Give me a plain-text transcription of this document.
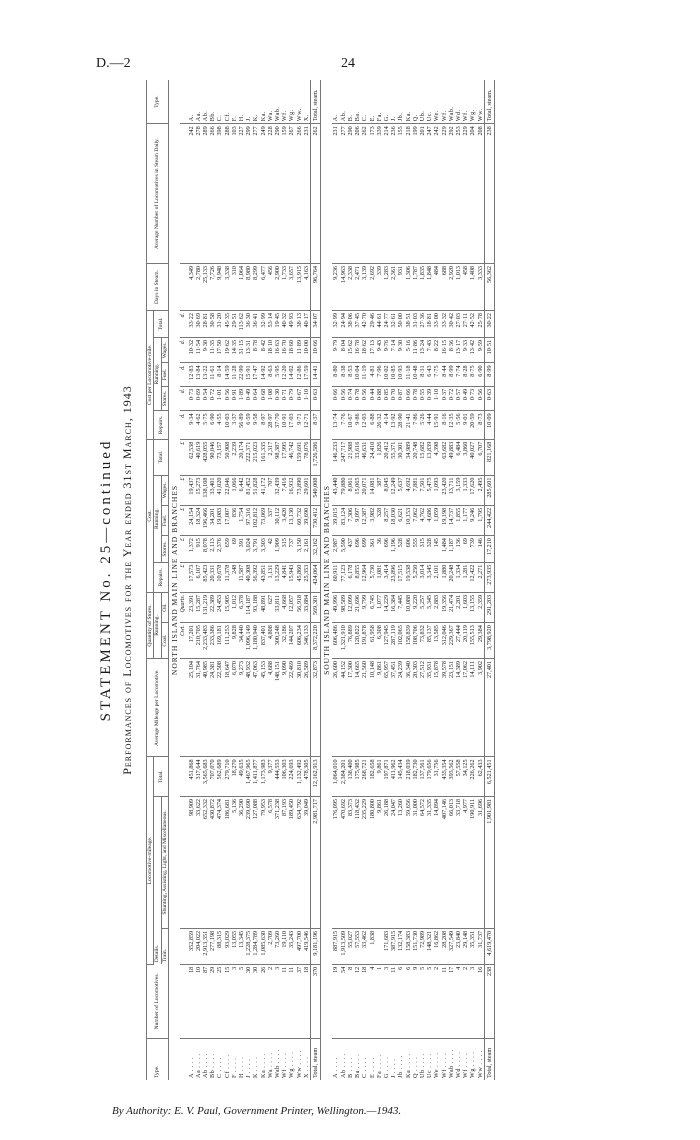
D.—2	24
STATEMENT No. 25—continued Performances of Locomotives for the Year ended 31st March, 1943
Type.	Number of Locomotives.	Locomotive-mileage.			Average Mileage per Locomotive.	Quantity of Stores.		Cost.					Cost per Locomotive-mile.					Days in Steam.	Average Number of Locomotives in Steam Daily.	Type.
		Details.		Total.		Running.		Repairs.	Running.			Total.	Repairs.	Running.			Total.			
		Train.	Shunting, Assisting, Light, and Miscellaneous.			Coal.	Oil.		Stores.	Fuel.	Wages.			Stores.	Fuel.	Wages.				
NORTH ISLAND MAIN LINE AND BRANCHES																				
						Cwt.	Quarts.	£	£	£	£	£	d.	d.	d.	d.	d.			
A . . . .	18	352,859	98,909	451,868	25,104	17,201	23,391	17,573	1,372	24,154	19,437	62,538	9·34	0·73	12·83	10·32	33·22	4,349	242	A.
Aa . . . .	10	204,022	33,622	317,644	31,764	210,705	15,287	6,107	915	18,324	15,273	40,619	4·62	0·69	13·84	11·54	30·69	2,780	278	Aa.
Ab . . . .	87	2,913,351	652,332	3,565,683	40,985	2,233,483	131,219	85,423	8,078	196,466	138,108	428,055	5·75	0·54	13·22	9·30	28·81	25,133	289	Ab.
Bb . . . .	29	277,198	430,872	707,070	24,381	233,386	22,389	20,331	2,113	34,201	33,401	90,046	6·90	0·72	11·61	11·35	30·58	7,726	266	Bb.
C . . . .	25	88,315	474,374	562,689	22,508	169,181	24,453	10,678	2,376	19,083	41,020	73,157	4·55	1·01	8·14	17·50	31·20	9,948	398	C.
Cf . . . .	15	93,029	186,681	279,710	18,647	111,253	15,905	11,378	659	17,007	22,046	50,908	10·03	0·56	14·59	19·62	45·35	3,338	288	Cf.
F . . . .	3	13,055	5,136	18,270	6,070	9,828	1,012	248	69	836	1,066	2,239	3·37	0·91	11·28	14·35	29·51	310	103	F.
H . . . .	5	13,345	36,290	49,635	9,273	34,440	6,378	11,587	391	1,754	6,442	20,174	56·89	1·89	22·99	31·15	113·62	1,064	227	H.
J . . . .	30	1,228,375	239,690	1,467,965	48,932	1,096,149	114,187	40,308	3,024	97,316	81,452	222,371	6·59	0·49	15·91	13·31	36·30	8,980	299	J.
K . . . .	30	1,284,789	127,088	1,411,877	47,063	1,180,940	93,188	56,392	3,791	102,812	51,828	215,023	9·58	0·64	17·47	8·78	36·41	8,299	277	K.
Ka . . . .	26	1,085,630	79,953	1,173,983	45,153	837,401	48,891	43,851	3,303	73,069	41,172	161,335	8·97	0·68	14·92	8·42	32·99	6,477	249	Ka.
Wa . . . .	2	2,709	6,578	9,377	4,688	4,808	627	1,131	42	337	707	2,317	28·97	1·08	8·63	18·10	53·14	456	228	Wa.
Wab . . . .	3	73,260	371,238	444,553	148,151	300,248	33,811	13,229	1,909	30,112	32,439	98,387	37·70	0·30	5·95	16·63	19·45	2,900	290	Wab.
Wf . . . .	11	19,110	87,193	106,303	9,090	32,186	4,668	4,841	315	3,420	7,416	17,995	10·91	0·71	12·20	16·70	40·32	1,733	159	Wf.
Wg . . . .	11	35,243	189,450	224,693	22,469	144,207	12,057	15,943	737	13,130	16,932	46,742	17·03	0·79	14·02	18·60	49·93	3,657	267	Wg.
Ww . . . .	37	497,700	634,792	1,132,492	30,810	606,234	56,918	45,860	3,150	60,732	73,890	159,691	9·71	0·67	12·86	11·89	38·13	13,915	266	Ww.
X . . . .	18	419,546	39,049	478,305	26,589	346,133	33,884	25,353	2,161	39,690	29,601	78,076	12·71	1·10	17·59	10·00	40·17	4,163	231	X.
Total, steam	370	9,181,196	2,981,717	12,162,913	32,873	8,372,220	569,301	424,064	32,162	730,412	540,008	1,726,586	8·37	0·63	14·41	10·66	34·07	96,764	262	Total, steam.
SOUTH ISLAND MAIN LINE AND BRANCHES																				
A . . . .	19	887,915	176,095	1,064,010	26,600	606,486	49,996	60,911	2,987	39,015	43,440	146,233	13·74	0·66	8·80	9·79	32·99	9,236	231	A.
Ab . . . .	54	1,913,509	470,692	2,384,201	44,152	1,321,910	98,589	77,123	5,590	83,124	79,880	247,717	7·76	0·56	8·38	8·04	24·94	14,963	277	Ab.
B . . . .	8	55,027	83,373	138,400	17,300	76,889	12,099	6,178	437	7,306	8,061	21,988	10·67	0·74	8·53	15·62	38·06	2,338	290	B.
Ba . . . .	12	57,553	118,432	175,985	14,665	120,822	21,696	8,855	696	9,097	15,065	33,616	9·86	0·78	10·04	16·78	37·45	2,471	206	Ba.
C . . . .	18	33,462	235,229	268,721	21,560	191,878	9,799	12,964	699	12,387	20,071	46,631	12·03	0·56	11·19	18·62	42·70	3,139	262	C.
E . . . .	4	1,838	180,800	182,658	10,148	61,958	6,745	5,730	361	3,982	14,081	24,410	6·88	0·44	4·81	17·13	29·46	2,692	173	E.
Fa . . . .	1		9,861	9,861	9,861	6,308	1,077	1,081	36	328	387	1,826	26·32	0·88	7·96	9·43	44·61	339	339	Fa.
G . . . .	3	171,683	26,188	197,871	65,957	127,945	14,229	3,414	696	8,257	8,045	20,412	4·14	0·85	10·02	9·76	24·77	1,283	214	G.
J . . . .	11	387,915	24,047	411,962	37,451	287,119	16,384	23,896	1,196	18,030	12,249	55,371	13·92	0·70	10·85	7·14	32·61	2,361	236	J.
Jb . . . .	6	132,174	13,260	145,434	24,239	102,065	7,445	17,515	528	6,621	5,637	30,301	28·90	0·87	10·93	9·30	50·00	931	155	Jb.
Ka . . . .	6	158,383	59,656	218,039	36,340	158,839	10,088	19,538	606	10,153	4,692	34,989	21·41	0·66	11·18	5·16	38·51	1,306	218	Ka.
Q . . . .	9	151,730	31,000	182,730	20,303	108,706	9,220	5,250	555	7,062	7,881	20,748	7·86	0·78	10·48	11·86	31·03	1,787	199	Q.
Ub . . . .	5	72,989	64,572	137,561	27,512	73,832	5,257	3,014	315	4,762	7,501	15,682	5·26	0·55	8·31	13·24	27·36	1,835	201	Ub.
Uc . . . .	5	148,321	31,335	179,656	35,931	85,137	5,345	3,345	328	4,686	5,475	13,839	4·44	0·39	6·43	7·43	18·81	1,848	247	Uc.
We . . . .	2	16,862	14,894	31,756	15,878	13,585	2,883	2,101	145	1,059	1,093	4,398	15·91	1·10	7·75	8·22	33·00	484	242	We.
Wf . . . .	11	28,208	407,146	435,354	39,578	312,046	19,356	1,880	1,484	19,198	23,420	63,682	8·16	0·37	8·44	16·15	33·32	688	229	Wf.
Wab . . . .	17	327,549	66,013	393,562	23,151	229,367	21,474	20,248	1,187	14,737	13,711	49,883	12·35	0·72	8·99	8·36	30·42	2,920	292	Wab.
Wd . . . .	4	23,840	33,718	57,558	14,389	27,444	2,201	1,334	136	1,855	3,159	6,484	5·56	0·57	7·74	13·17	27·03	1,013	253	Wd.
Wf . . . .	2	29,148	4,977	34,125	17,062	20,119	1,603	1,281	69	1,177	1,333	3,860	9·01	0·49	8·28	9·33	27·11	458	229	Wf.
Wg . . . .	3	35,351	190,911	226,262	14,111	155,513	13,155	12,422	739	9,246	17,620	40,027	20·59	0·73	8·75	13·42	42·52	1,408	204	Wg.
Ww . . . .	16	31,737	31,696	62,433	3,902	29,384	2,359	2,271	146	1,795	2,495	6,707	8·73	0·56	6·90	9·59	25·78	3,333	208	Ww.
Total, steam	238	4,619,470	1,901,981	6,521,451	27,401	3,798,920	291,203	273,935	17,210	244,422	285,601	821,168	10·09	0·63	8·99	10·51	30·22	56,362	238	Total, steam.
By Authority: E. V. Paul, Government Printer, Wellington.—1943.
